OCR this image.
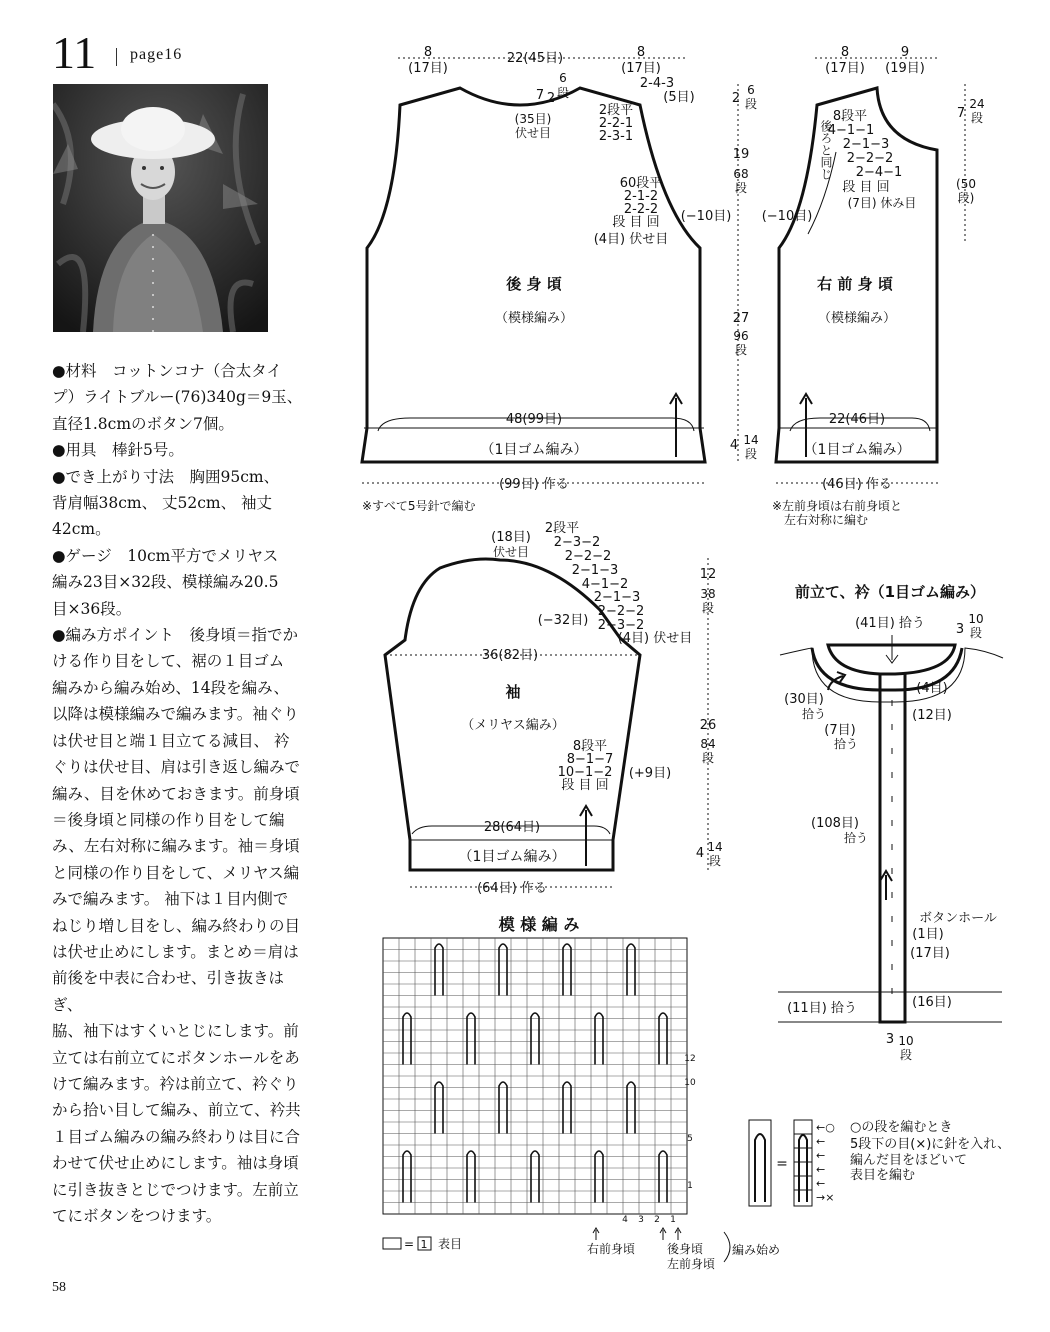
11 page16

●材料　コットンコナ（合太タイ

プ）ライトブルー(76)340g＝9玉、

直径1.8cmのボタン7個。

●用具　棒針5号。

●でき上がり寸法　胸囲95cm、

背肩幅38cm、 丈52cm、 袖丈

42cm。

●ゲージ　10cm平方でメリヤス

編み23目×32段、模様編み20.5

目×36段。

●編み方ポイント　後身頃＝指でか

ける作り目をして、裾の１目ゴム

編みから編み始め、14段を編み、

以降は模様編みで編みます。袖ぐり

は伏せ目と端１目立てる減目、 衿

ぐりは伏せ目、肩は引き返し編みで

編み、目を休めておきます。前身頃

＝後身頃と同様の作り目をして編

み、左右対称に編みます。袖＝身頃

と同様の作り目をして、メリヤス編

みで編みます。 袖下は１目内側で

ねじり増し目をし、編み終わりの目

は伏せ止めにします。まとめ＝肩は

前後を中表に合わせ、引き抜きはぎ、

脇、袖下はすくいとじにします。前

立ては右前立てにボタンホールをあ

けて編みます。衿は前立て、衿ぐり

から拾い目して編み、前立て、衿共

１目ゴム編みの編み終わりは目に合

わせて伏せ止めにします。袖は身頃

に引き抜きとじでつけます。左前立

てにボタンをつけます。

58
8
(17目)
22(45目)	8
(17目)
2-4-3
(5目)
7 2
6
段
(35目)
伏せ目
2段平
2-2-1
2-3-1
60段平
2-1-2
2-2-2
段 目 回 (−10目)
(4目) 伏せ目
後 身 頃
（模様編み）
48(99目)
（1目ゴム編み）
(99目) 作る
※すべて5号針で編む
2
6
段
19
68
段
27
96
段
4 14
段
8
(17目)
9
(19目)
8段平
4−1−1
2−1−3
2−2−2
2−4−1
段 目 回
(7目) 休み目
後ろと同じ
(−10目)
右 前 身 頃
（模様編み）
22(46目)
（1目ゴム編み）
(46目) 作る
※左前身頃は右前身頃と
左右対称に編む
7
24
段
(50
段)
(18目)
伏せ目
2段平
2−3−2
2−2−2
2−1−3
4−1−2
2−1−3
2−2−2
2−3−2
(4目) 伏せ目
(−32目)
36(82目)
袖
（メリヤス編み）
8段平
8−1−7
10−1−2
段 目 回
(+9目)
28(64目)
（1目ゴム編み）
(64目) 作る
12
38
段
26
84
段
4 14
段
前立て、衿（1目ゴム編み）
(41目) 拾う 3
10
段
(4目)
(30目)
拾う	(12目)
(7目)
拾う
(108目)
拾う
ボタンホール
(1目)
(17目)
(11目) 拾う	(16目)
3 10
段
模 様 編 み
12
10
5
1
4 3 2 1
= 1 表目	右前身頃	後身頃
左前身頃
編み始め
=
←○
←
←
←
←
→×
○の段を編むとき
5段下の目(×)に針を入れ、
編んだ目をほどいて
表目を編む
